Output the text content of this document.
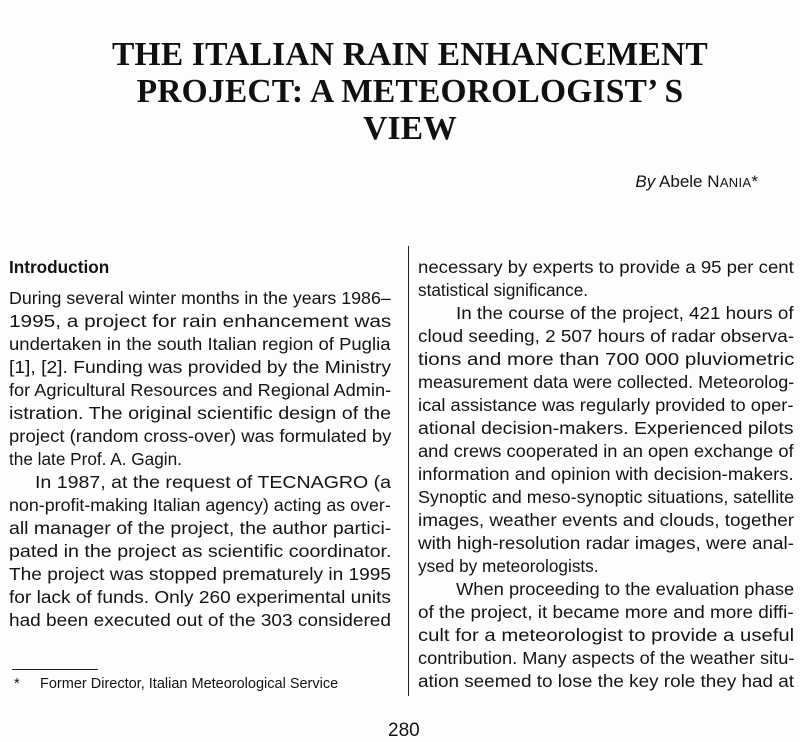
THE ITALIAN RAIN ENHANCEMENT
PROJECT: A METEOROLOGIST’ S
VIEW
By Abele NANIA*
Introduction
During several winter months in the years 1986–
1995, a project for rain enhancement was
undertaken in the south Italian region of Puglia
[1], [2]. Funding was provided by the Ministry
for Agricultural Resources and Regional Admin-
istration. The original scientific design of the
project (random cross-over) was formulated by
the late Prof. A. Gagin.
In 1987, at the request of TECNAGRO (a
non-profit-making Italian agency) acting as over-
all manager of the project, the author partici-
pated in the project as scientific coordinator.
The project was stopped prematurely in 1995
for lack of funds. Only 260 experimental units
had been executed out of the 303 considered
necessary by experts to provide a 95 per cent
statistical significance.
In the course of the project, 421 hours of
cloud seeding, 2 507 hours of radar observa-
tions and more than 700 000 pluviometric
measurement data were collected. Meteorolog-
ical assistance was regularly provided to oper-
ational decision-makers. Experienced pilots
and crews cooperated in an open exchange of
information and opinion with decision-makers.
Synoptic and meso-synoptic situations, satellite
images, weather events and clouds, together
with high-resolution radar images, were anal-
ysed by meteorologists.
When proceeding to the evaluation phase
of the project, it became more and more diffi-
cult for a meteorologist to provide a useful
contribution. Many aspects of the weather situ-
ation seemed to lose the key role they had at
* Former Director, Italian Meteorological Service
280
